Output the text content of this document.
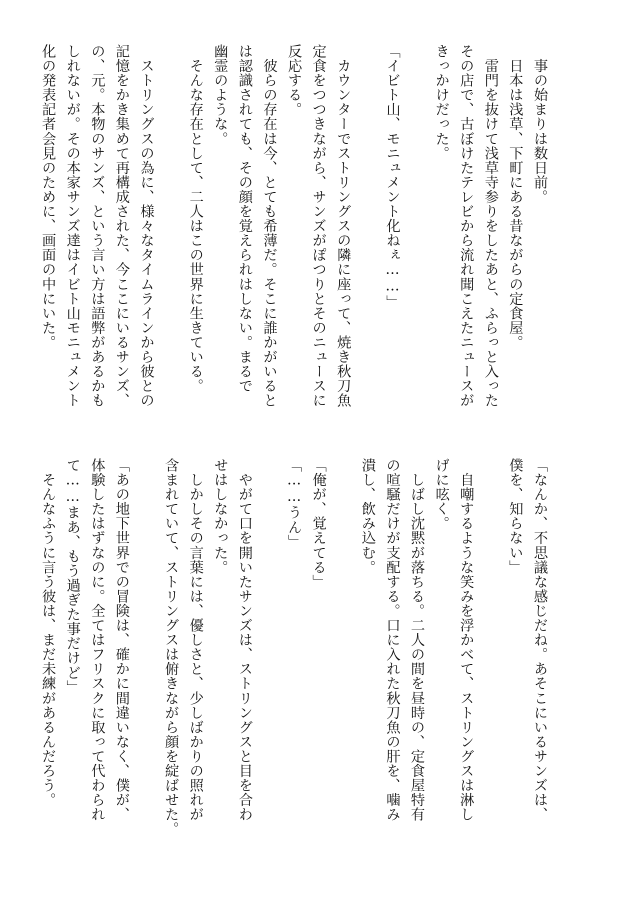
　事の始まりは数日前。
　日本は浅草、下町にある昔ながらの定食屋。
　雷門を抜けて浅草寺参りをしたあと、ふらっと入った
その店で、古ぼけたテレビから流れ聞こえたニュースが
きっかけだった。
「イビト山、モニュメント化ねぇ……」
　カウンターでストリングスの隣に座って、焼き秋刀魚
定食をつつきながら、サンズがぽつりとそのニュースに
反応する。
　彼らの存在は今、とても希薄だ。そこに誰かがいると
は認識されても、その顔を覚えられはしない。まるで
幽霊のような。
　そんな存在として、二人はこの世界に生きている。
　ストリングスの為に、様々なタイムラインから彼との
記憶をかき集めて再構成された、今ここにいるサンズ、
の、元。本物のサンズ、という言い方は語弊があるかも
しれないが。その本家サンズ達はイビト山モニュメント
化の発表記者会見のために、画面の中にいた。
「なんか、不思議な感じだね。あそこにいるサンズは、
僕を、知らない」
　自嘲するような笑みを浮かべて、ストリングスは淋し
げに呟く。
　しばし沈黙が落ちる。二人の間を昼時の、定食屋特有
の喧騒だけが支配する。口に入れた秋刀魚の肝を、噛み
潰し、飲み込む。
「俺が、覚えてる」
「……うん」
　やがて口を開いたサンズは、ストリングスと目を合わ
せはしなかった。
　しかしその言葉には、優しさと、少しばかりの照れが
含まれていて、ストリングスは俯きながら顔を綻ばせた。
「あの地下世界での冒険は、確かに間違いなく、僕が、
体験したはずなのに。全てはフリスクに取って代わられ
て……まあ、もう過ぎた事だけど」
　そんなふうに言う彼は、まだ未練があるんだろう。
